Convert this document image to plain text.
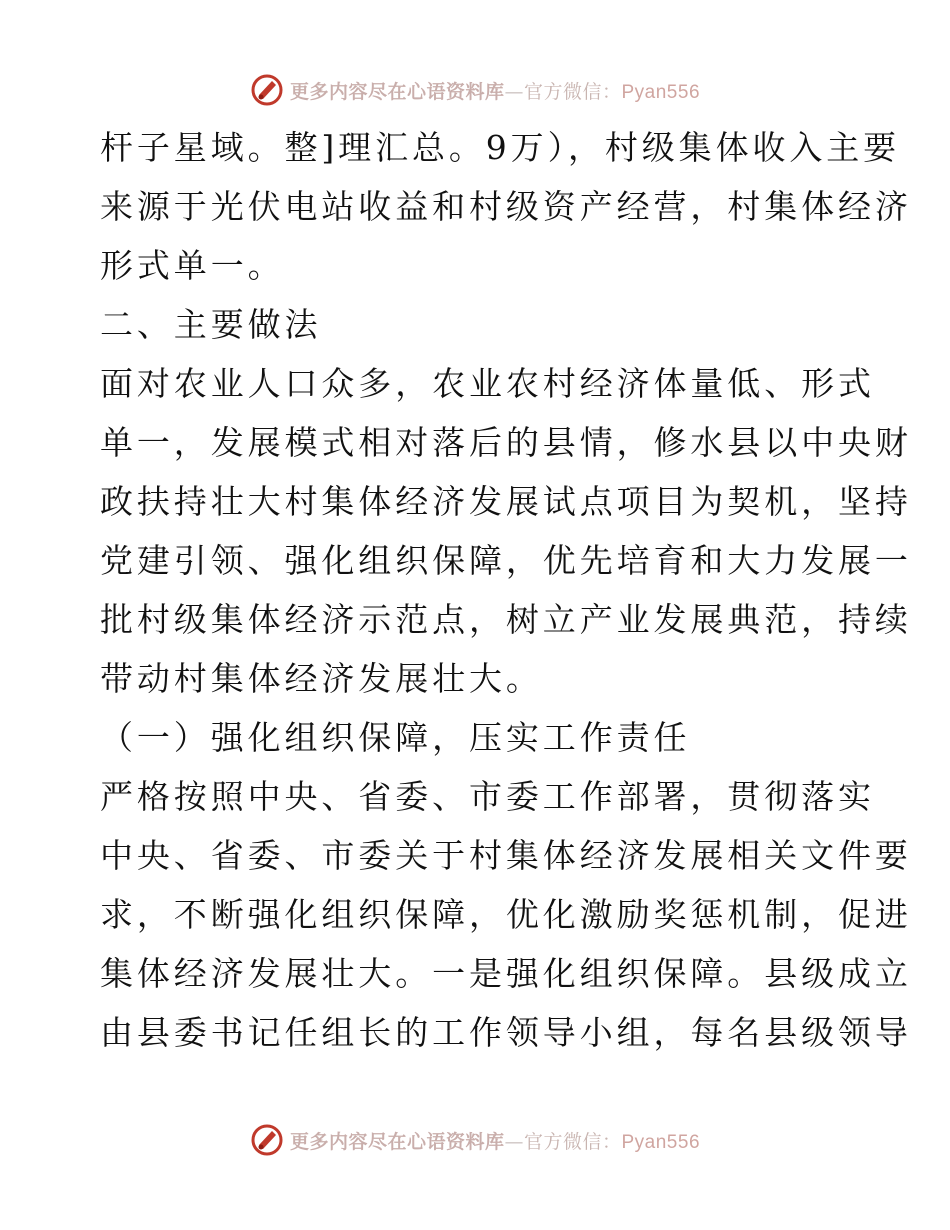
更多内容尽在心语资料库—官方微信：Pyan556
杆子星域。整]理汇总。9万），村级集体收入主要
来源于光伏电站收益和村级资产经营，村集体经济
形式单一。
二、主要做法
面对农业人口众多，农业农村经济体量低、形式
单一，发展模式相对落后的县情，修水县以中央财
政扶持壮大村集体经济发展试点项目为契机，坚持
党建引领、强化组织保障，优先培育和大力发展一
批村级集体经济示范点，树立产业发展典范，持续
带动村集体经济发展壮大。
（一）强化组织保障，压实工作责任
严格按照中央、省委、市委工作部署，贯彻落实
中央、省委、市委关于村集体经济发展相关文件要
求，不断强化组织保障，优化激励奖惩机制，促进
集体经济发展壮大。一是强化组织保障。县级成立
由县委书记任组长的工作领导小组，每名县级领导
更多内容尽在心语资料库—官方微信：Pyan556
